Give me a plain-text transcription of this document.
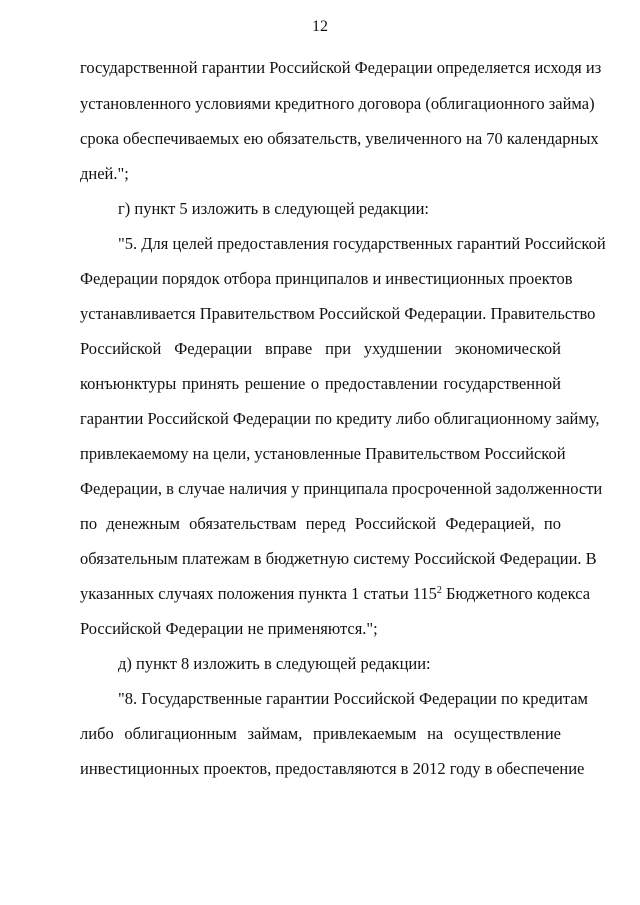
12
государственной гарантии Российской Федерации определяется исходя из
установленного условиями кредитного договора (облигационного займа)
срока обеспечиваемых ею обязательств, увеличенного на 70 календарных
дней.";
г) пункт 5 изложить в следующей редакции:
"5. Для целей предоставления государственных гарантий Российской
Федерации порядок отбора принципалов и инвестиционных проектов
устанавливается Правительством Российской Федерации. Правительство
Российской Федерации вправе при ухудшении экономической
конъюнктуры принять решение о предоставлении государственной
гарантии Российской Федерации по кредиту либо облигационному займу,
привлекаемому на цели, установленные Правительством Российской
Федерации, в случае наличия у принципала просроченной задолженности
по денежным обязательствам перед Российской Федерацией, по
обязательным платежам в бюджетную систему Российской Федерации. В
указанных случаях положения пункта 1 статьи $115^2$ Бюджетного кодекса
Российской Федерации не применяются.";
д) пункт 8 изложить в следующей редакции:
"8. Государственные гарантии Российской Федерации по кредитам
либо облигационным займам, привлекаемым на осуществление
инвестиционных проектов, предоставляются в 2012 году в обеспечение
